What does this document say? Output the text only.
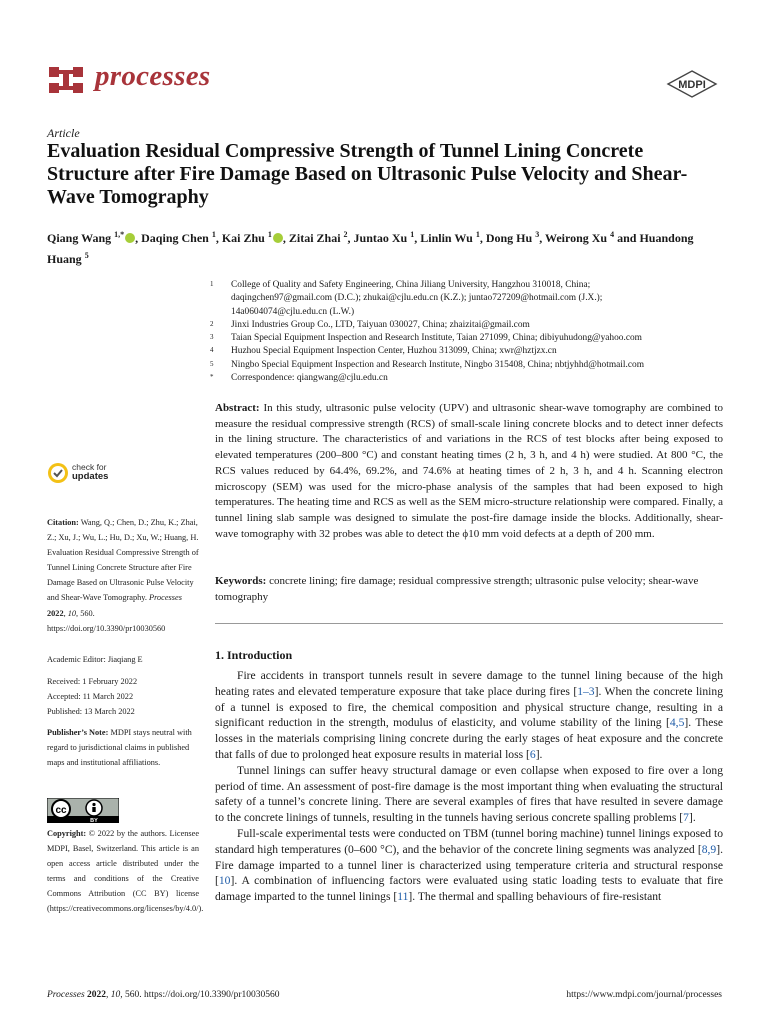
processes	MDPI
Article
Evaluation Residual Compressive Strength of Tunnel Lining Concrete Structure after Fire Damage Based on Ultrasonic Pulse Velocity and Shear-Wave Tomography
Qiang Wang $^{1,*}$ , Daqing Chen $^1$, Kai Zhu $^1$ , Zitai Zhai $^2$, Juntao Xu $^1$, Linlin Wu $^1$, Dong Hu $^3$, Weirong Xu $^4$ and Huandong Huang $^5$
1	College of Quality and Safety Engineering, China Jiliang University, Hangzhou 310018, China;
daqingchen97@gmail.com (D.C.); zhukai@cjlu.edu.cn (K.Z.); juntao727209@hotmail.com (J.X.);
14a0604074@cjlu.edu.cn (L.W.)
2	Jinxi Industries Group Co., LTD, Taiyuan 030027, China; zhaizitai@gmail.com
3	Taian Special Equipment Inspection and Research Institute, Taian 271099, China; dibiyuhudong@yahoo.com
4	Huzhou Special Equipment Inspection Center, Huzhou 313099, China; xwr@hztjzx.cn
5	Ningbo Special Equipment Inspection and Research Institute, Ningbo 315408, China; nbtjyhhd@hotmail.com
*	Correspondence: qiangwang@cjlu.edu.cn
Abstract: In this study, ultrasonic pulse velocity (UPV) and ultrasonic shear-wave tomography are combined to measure the residual compressive strength (RCS) of small-scale lining concrete blocks and to detect inner defects in the lining structure. The characteristics of and variations in the RCS of test blocks after being exposed to elevated temperatures (200–800 °C) and constant heating times (2 h, 3 h, and 4 h) were studied. At 800 °C, the RCS values reduced by 64.4%, 69.2%, and 74.6% at heating times of 2 h, 3 h, and 4 h. Scanning electron microscopy (SEM) was used for the micro-phase analysis of the samples that had been exposed to high temperatures. The heating time and RCS as well as the SEM micro-structure relationship were compared. Finally, a tunnel lining slab sample was designed to simulate the post-fire damage inside the blocks. Additionally, shear-wave tomography with 32 probes was able to detect the ϕ10 mm void defects at a depth of 200 mm.
Keywords: concrete lining; fire damage; residual compressive strength; ultrasonic pulse velocity; shear-wave tomography
check for
updates
Citation: Wang, Q.; Chen, D.; Zhu, K.; Zhai, Z.; Xu, J.; Wu, L.; Hu, D.; Xu, W.; Huang, H. Evaluation Residual Compressive Strength of Tunnel Lining Concrete Structure after Fire Damage Based on Ultrasonic Pulse Velocity and Shear-Wave Tomography. Processes 2022, 10, 560. https://doi.org/10.3390/pr10030560
Academic Editor: Jiaqiang E
Received: 1 February 2022
Accepted: 11 March 2022
Published: 13 March 2022
Publisher’s Note: MDPI stays neutral with regard to jurisdictional claims in published maps and institutional affiliations.
cc
BY
Copyright: © 2022 by the authors. Licensee MDPI, Basel, Switzerland. This article is an open access article distributed under the terms and conditions of the Creative Commons Attribution (CC BY) license (https://creativecommons.org/licenses/by/4.0/).
1. Introduction

Fire accidents in transport tunnels result in severe damage to the tunnel lining because of the high heating rates and elevated temperature exposure that take place during fires [1–3]. When the concrete lining of a tunnel is exposed to fire, the chemical composition and physical structure change, resulting in a significant reduction in the strength, modulus of elasticity, and volume stability of the lining [4,5]. These losses in the materials comprising lining concrete during the early stages of heat exposure and the concrete that falls of due to prolonged heat exposure results in material loss [6].

Tunnel linings can suffer heavy structural damage or even collapse when exposed to fire over a long period of time. An assessment of post-fire damage is the most important thing when evaluating the structural safety of a tunnel’s concrete lining. There are several examples of fires that have resulted in severe damage to the concrete linings of tunnels, resulting in the tunnels having serious concrete spalling problems [7].

Full-scale experimental tests were conducted on TBM (tunnel boring machine) tunnel linings exposed to standard high temperatures (0–600 °C), and the behavior of the concrete lining segments was analyzed [8,9]. Fire damage imparted to a tunnel liner is characterized using temperature criteria and structural response [10]. A combination of influencing factors were evaluated using static loading tests to evaluate that fire damage imparted to the tunnel linings [11]. The thermal and spalling behaviours of fire-resistant

Processes 2022, 10, 560. https://doi.org/10.3390/pr10030560	https://www.mdpi.com/journal/processes
